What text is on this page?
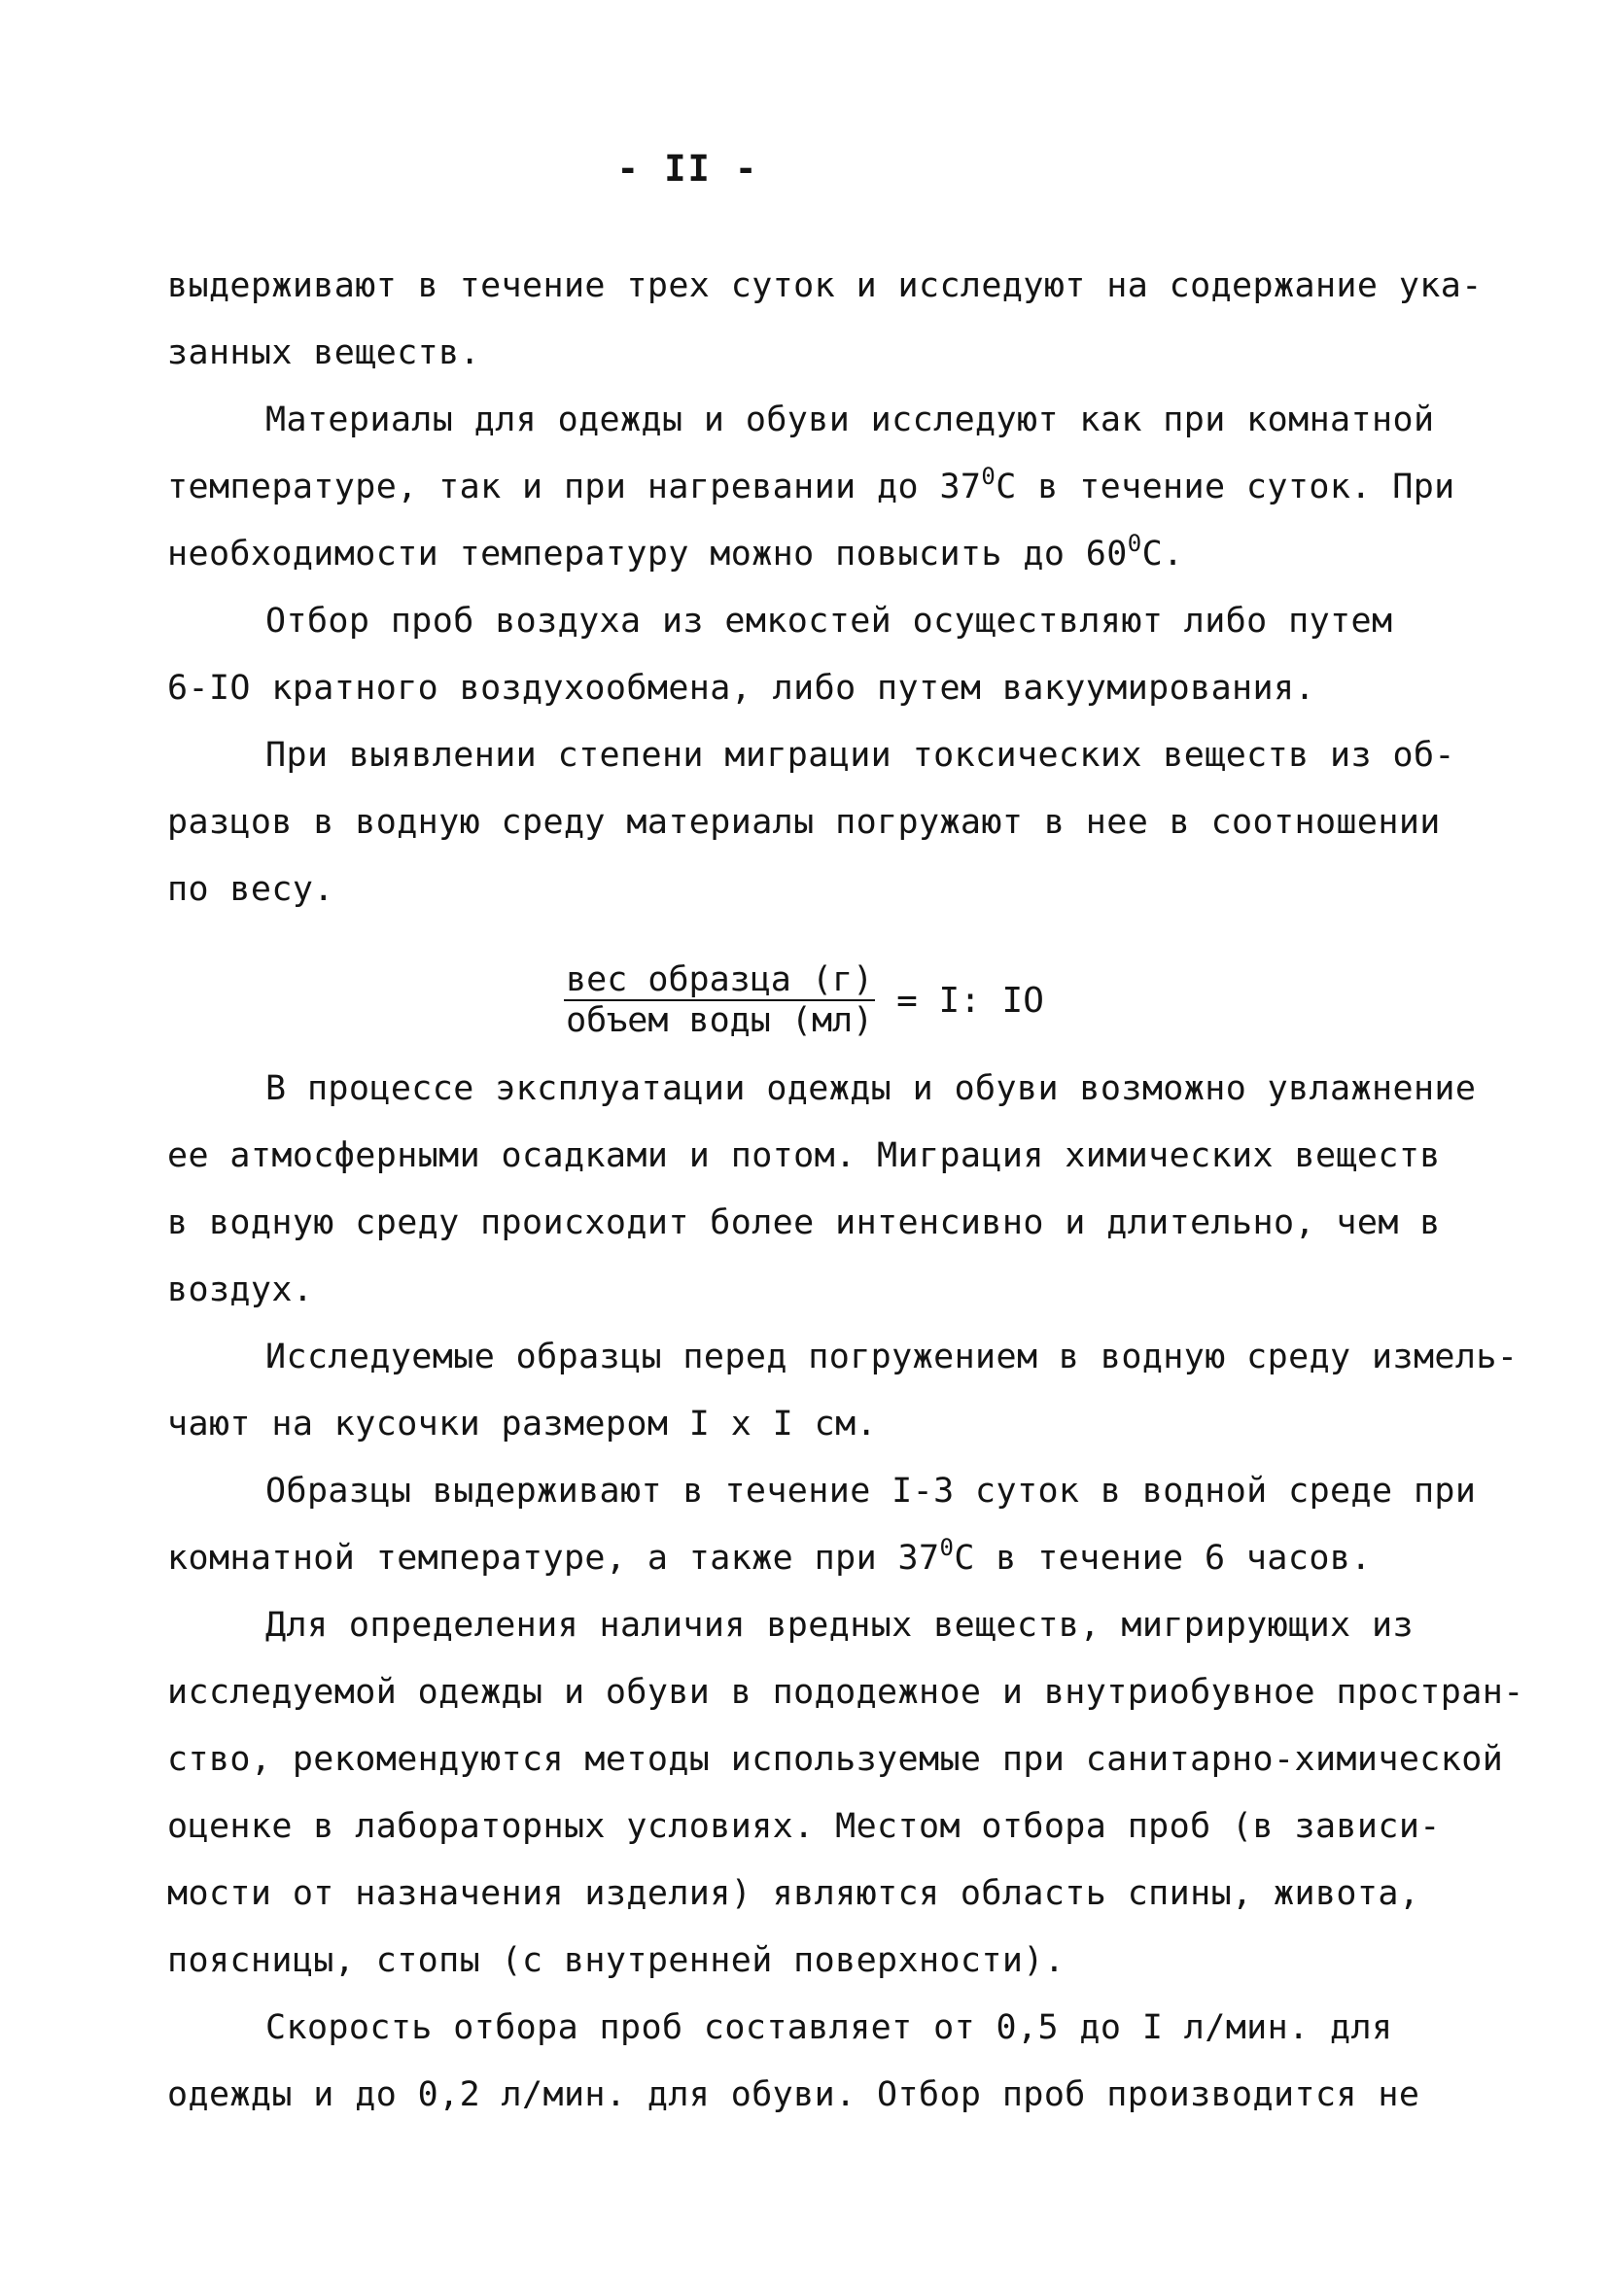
- II -
выдерживают в течение трех суток и исследуют на содержание ука-
занных веществ.
Материалы для одежды и обуви исследуют как при комнатной
температуре, так и при нагревании до $37^0С$ в течение суток. При
необходимости температуру можно повысить до $60^0С$.
Отбор проб воздуха из емкостей осуществляют либо путем
6-IO кратного воздухообмена, либо путем вакуумирования.
При выявлении степени миграции токсических веществ из об-
разцов в водную среду материалы погружают в нее в соотношении
по весу.
$\frac{\text{вес образца (г)}}{\text{объем воды (мл)}} = I$: IO
В процессе эксплуатации одежды и обуви возможно увлажнение
ее атмосферными осадками и потом. Миграция химических веществ
в водную среду происходит более интенсивно и длительно, чем в
воздух.
Исследуемые образцы перед погружением в водную среду измель-
чают на кусочки размером I x I см.
Образцы выдерживают в течение I-3 суток в водной среде при
комнатной температуре, а также при $37^0С$ в течение 6 часов.
Для определения наличия вредных веществ, мигрирующих из
исследуемой одежды и обуви в пододежное и внутриобувное простран-
ство, рекомендуются методы используемые при санитарно-химической
оценке в лабораторных условиях. Местом отбора проб (в зависи-
мости от назначения изделия) являются область спины, живота,
поясницы, стопы (с внутренней поверхности).
Скорость отбора проб составляет от 0,5 до I л/мин. для
одежды и до 0,2 л/мин. для обуви. Отбор проб производится не
